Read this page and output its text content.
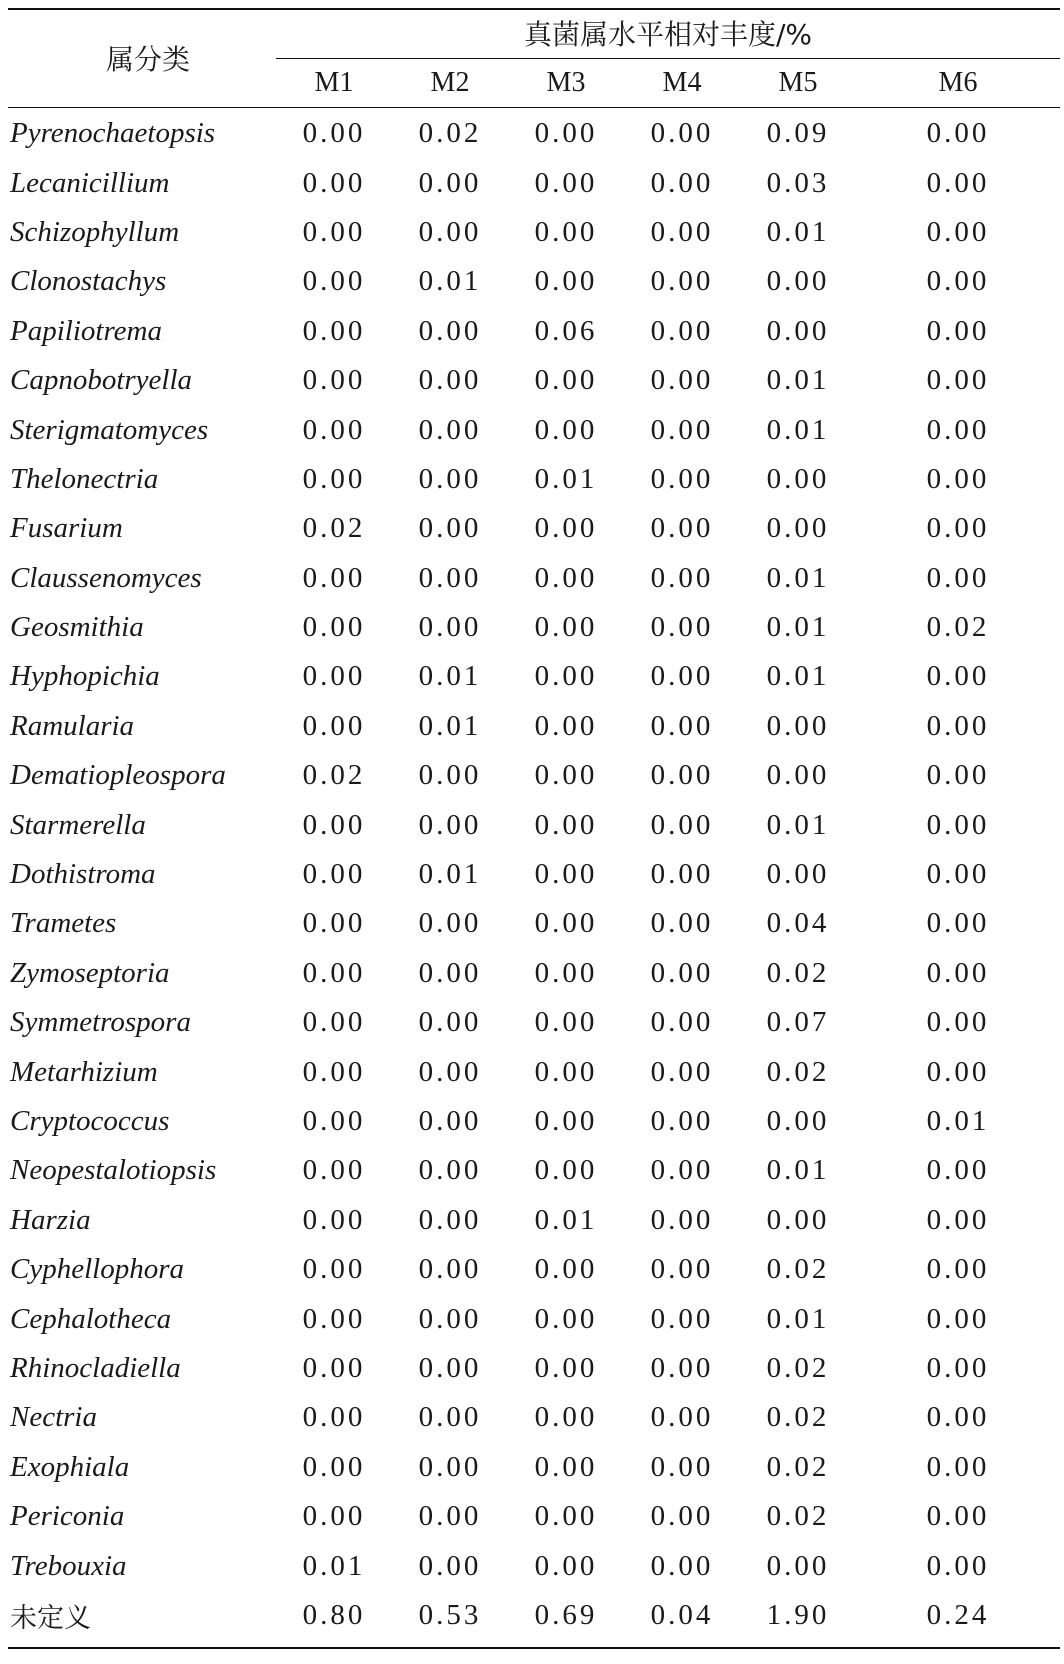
属分类
真菌属水平相对丰度/%
M1	M2	M3	M4	M5	M6
Pyrenochaetopsis	0.00	0.02	0.00	0.00	0.09	0.00
Lecanicillium	0.00	0.00	0.00	0.00	0.03	0.00
Schizophyllum	0.00	0.00	0.00	0.00	0.01	0.00
Clonostachys	0.00	0.01	0.00	0.00	0.00	0.00
Papiliotrema	0.00	0.00	0.06	0.00	0.00	0.00
Capnobotryella	0.00	0.00	0.00	0.00	0.01	0.00
Sterigmatomyces	0.00	0.00	0.00	0.00	0.01	0.00
Thelonectria	0.00	0.00	0.01	0.00	0.00	0.00
Fusarium	0.02	0.00	0.00	0.00	0.00	0.00
Claussenomyces	0.00	0.00	0.00	0.00	0.01	0.00
Geosmithia	0.00	0.00	0.00	0.00	0.01	0.02
Hyphopichia	0.00	0.01	0.00	0.00	0.01	0.00
Ramularia	0.00	0.01	0.00	0.00	0.00	0.00
Dematiopleospora	0.02	0.00	0.00	0.00	0.00	0.00
Starmerella	0.00	0.00	0.00	0.00	0.01	0.00
Dothistroma	0.00	0.01	0.00	0.00	0.00	0.00
Trametes	0.00	0.00	0.00	0.00	0.04	0.00
Zymoseptoria	0.00	0.00	0.00	0.00	0.02	0.00
Symmetrospora	0.00	0.00	0.00	0.00	0.07	0.00
Metarhizium	0.00	0.00	0.00	0.00	0.02	0.00
Cryptococcus	0.00	0.00	0.00	0.00	0.00	0.01
Neopestalotiopsis	0.00	0.00	0.00	0.00	0.01	0.00
Harzia	0.00	0.00	0.01	0.00	0.00	0.00
Cyphellophora	0.00	0.00	0.00	0.00	0.02	0.00
Cephalotheca	0.00	0.00	0.00	0.00	0.01	0.00
Rhinocladiella	0.00	0.00	0.00	0.00	0.02	0.00
Nectria	0.00	0.00	0.00	0.00	0.02	0.00
Exophiala	0.00	0.00	0.00	0.00	0.02	0.00
Periconia	0.00	0.00	0.00	0.00	0.02	0.00
Trebouxia	0.01	0.00	0.00	0.00	0.00	0.00
未定义	0.80	0.53	0.69	0.04	1.90	0.24
